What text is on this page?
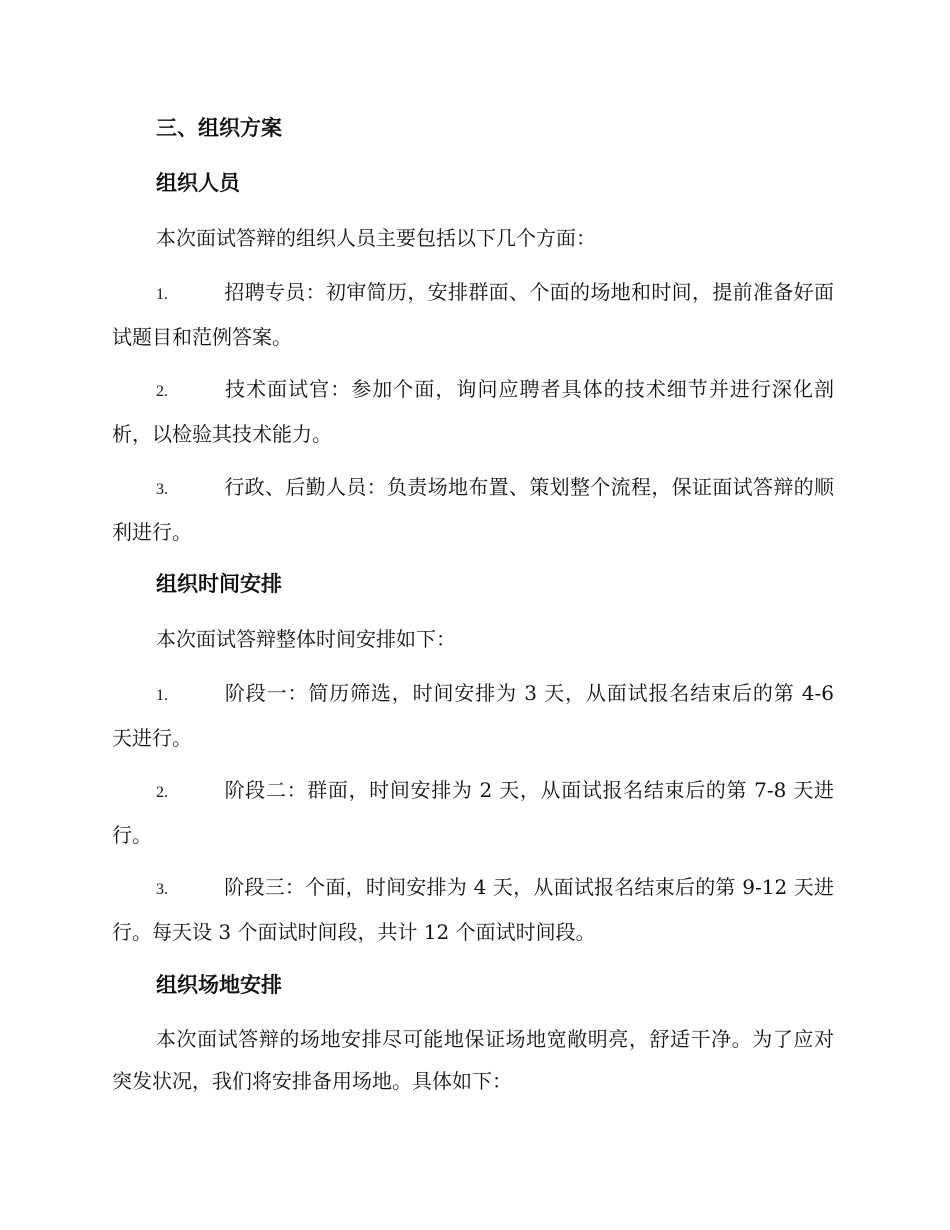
三、组织方案
组织人员
本次面试答辩的组织人员主要包括以下几个方面：
1.	招聘专员：初审简历，安排群面、个面的场地和时间，提前准备好面试题目和范例答案。
2.	技术面试官：参加个面，询问应聘者具体的技术细节并进行深化剖析，以检验其技术能力。
3.	行政、后勤人员：负责场地布置、策划整个流程，保证面试答辩的顺利进行。
组织时间安排
本次面试答辩整体时间安排如下：
1.	阶段一：简历筛选，时间安排为 3 天，从面试报名结束后的第 4-6 天进行。
2.	阶段二：群面，时间安排为 2 天，从面试报名结束后的第 7-8 天进行。
3.	阶段三：个面，时间安排为 4 天，从面试报名结束后的第 9-12 天进行。每天设 3 个面试时间段，共计 12 个面试时间段。
组织场地安排
本次面试答辩的场地安排尽可能地保证场地宽敞明亮，舒适干净。为了应对突发状况，我们将安排备用场地。具体如下：
